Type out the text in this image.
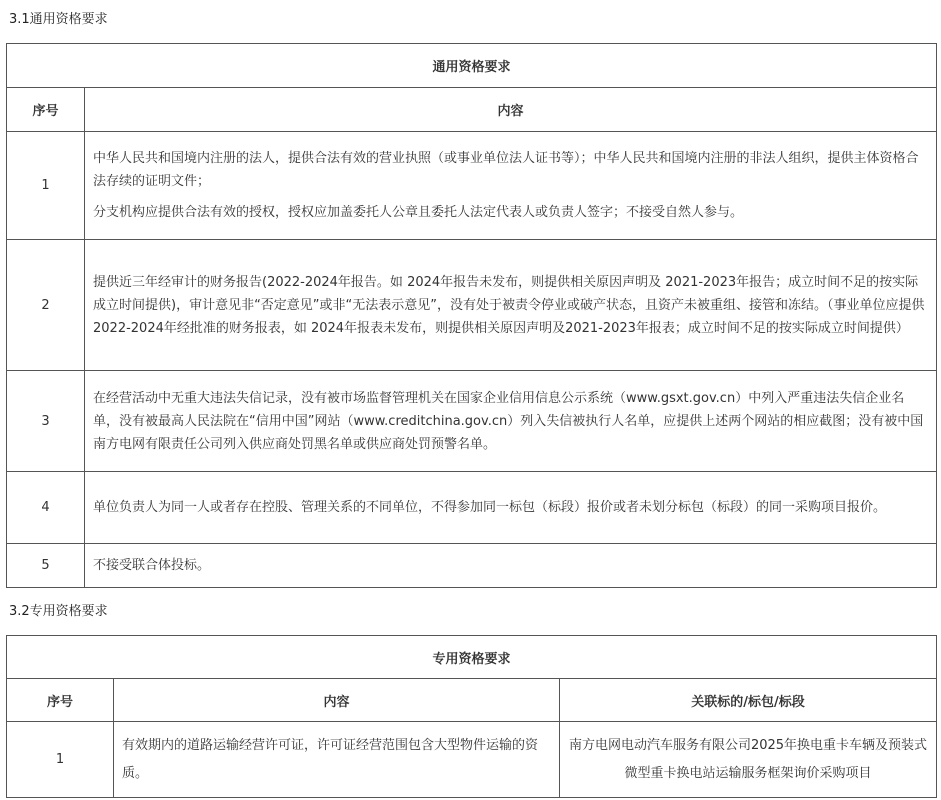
3.1通用资格要求
通用资格要求	
序号	内容
1	中华人民共和国境内注册的法人，提供合法有效的营业执照（或事业单位法人证书等）；中华人民共和国境内注册的非法人组织，提供主体资格合法存续的证明文件；

分支机构应提供合法有效的授权，授权应加盖委托人公章且委托人法定代表人或负责人签字；不接受自然人参与。

2	提供近三年经审计的财务报告(2022-2024年报告。如 2024年报告未发布，则提供相关原因声明及 2021-2023年报告；成立时间不足的按实际成立时间提供)，审计意见非“否定意见”或非“无法表示意见”，没有处于被责令停业或破产状态，且资产未被重组、接管和冻结。（事业单位应提供 2022-2024年经批准的财务报表，如 2024年报表未发布，则提供相关原因声明及2021-2023年报表；成立时间不足的按实际成立时间提供）

3	在经营活动中无重大违法失信记录，没有被市场监督管理机关在国家企业信用信息公示系统（www.gsxt.gov.cn）中列入严重违法失信企业名单，没有被最高人民法院在“信用中国”网站（www.creditchina.gov.cn）列入失信被执行人名单，应提供上述两个网站的相应截图；没有被中国南方电网有限责任公司列入供应商处罚黑名单或供应商处罚预警名单。

4	单位负责人为同一人或者存在控股、管理关系的不同单位，不得参加同一标包（标段）报价或者未划分标包（标段）的同一采购项目报价。

5	不接受联合体投标。

3.2专用资格要求
专用资格要求		
序号	内容	关联标的/标包/标段
1	有效期内的道路运输经营许可证，许可证经营范围包含大型物件运输的资质。	南方电网电动汽车服务有限公司2025年换电重卡车辆及预装式微型重卡换电站运输服务框架询价采购项目
